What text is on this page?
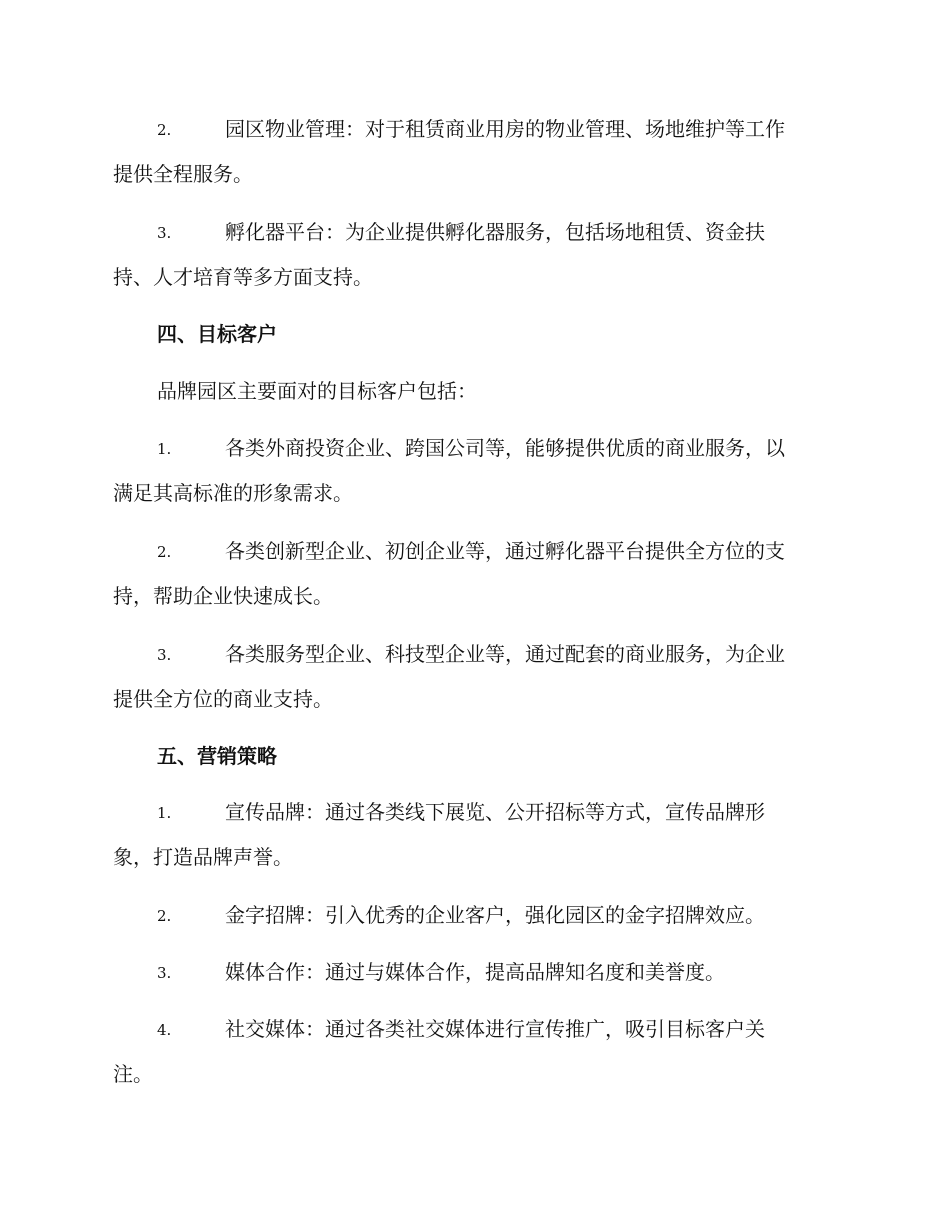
2.	园区物业管理：对于租赁商业用房的物业管理、场地维护等工作
提供全程服务。
3.	孵化器平台：为企业提供孵化器服务，包括场地租赁、资金扶
持、人才培育等多方面支持。
四、目标客户
品牌园区主要面对的目标客户包括：
1.	各类外商投资企业、跨国公司等，能够提供优质的商业服务，以
满足其高标准的形象需求。
2.	各类创新型企业、初创企业等，通过孵化器平台提供全方位的支
持，帮助企业快速成长。
3.	各类服务型企业、科技型企业等，通过配套的商业服务，为企业
提供全方位的商业支持。
五、营销策略
1.	宣传品牌：通过各类线下展览、公开招标等方式，宣传品牌形
象，打造品牌声誉。
2.	金字招牌：引入优秀的企业客户，强化园区的金字招牌效应。
3.	媒体合作：通过与媒体合作，提高品牌知名度和美誉度。
4.	社交媒体：通过各类社交媒体进行宣传推广，吸引目标客户关
注。
